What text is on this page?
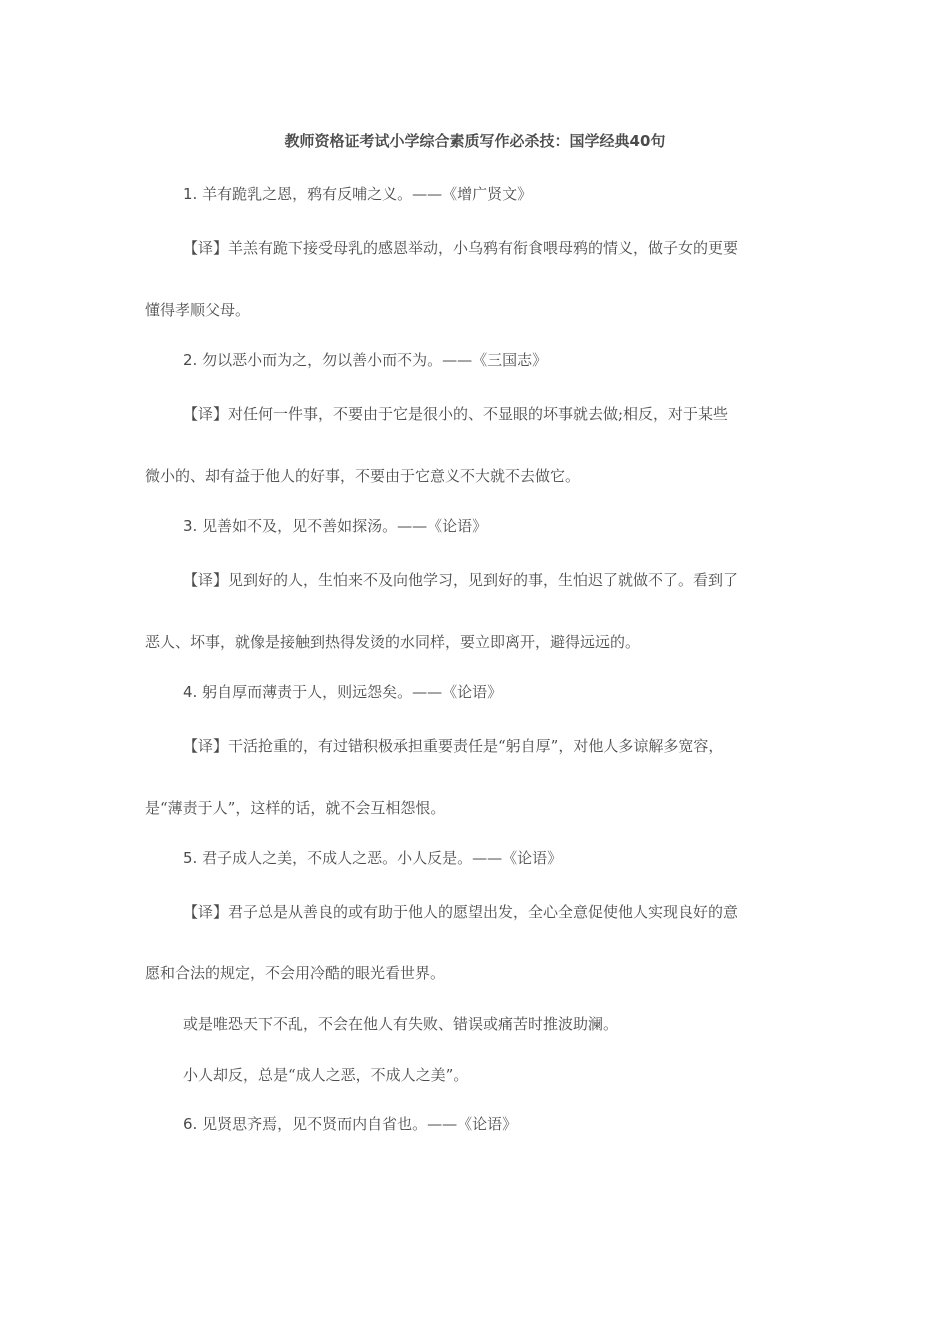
教师资格证考试小学综合素质写作必杀技：国学经典40句
1. 羊有跪乳之恩，鸦有反哺之义。——《增广贤文》
【译】羊羔有跪下接受母乳的感恩举动，小乌鸦有衔食喂母鸦的情义，做子女的更要
懂得孝顺父母。
2. 勿以恶小而为之，勿以善小而不为。——《三国志》
【译】对任何一件事，不要由于它是很小的、不显眼的坏事就去做;相反，对于某些
微小的、却有益于他人的好事，不要由于它意义不大就不去做它。
3. 见善如不及，见不善如探汤。——《论语》
【译】见到好的人，生怕来不及向他学习，见到好的事，生怕迟了就做不了。看到了
恶人、坏事，就像是接触到热得发烫的水同样，要立即离开，避得远远的。
4. 躬自厚而薄责于人，则远怨矣。——《论语》
【译】干活抢重的，有过错积极承担重要责任是“躬自厚”，对他人多谅解多宽容，
是“薄责于人”，这样的话，就不会互相怨恨。
5. 君子成人之美，不成人之恶。小人反是。——《论语》
【译】君子总是从善良的或有助于他人的愿望出发，全心全意促使他人实现良好的意
愿和合法的规定，不会用冷酷的眼光看世界。
或是唯恐天下不乱，不会在他人有失败、错误或痛苦时推波助澜。
小人却反，总是“成人之恶，不成人之美”。
6. 见贤思齐焉，见不贤而内自省也。——《论语》
